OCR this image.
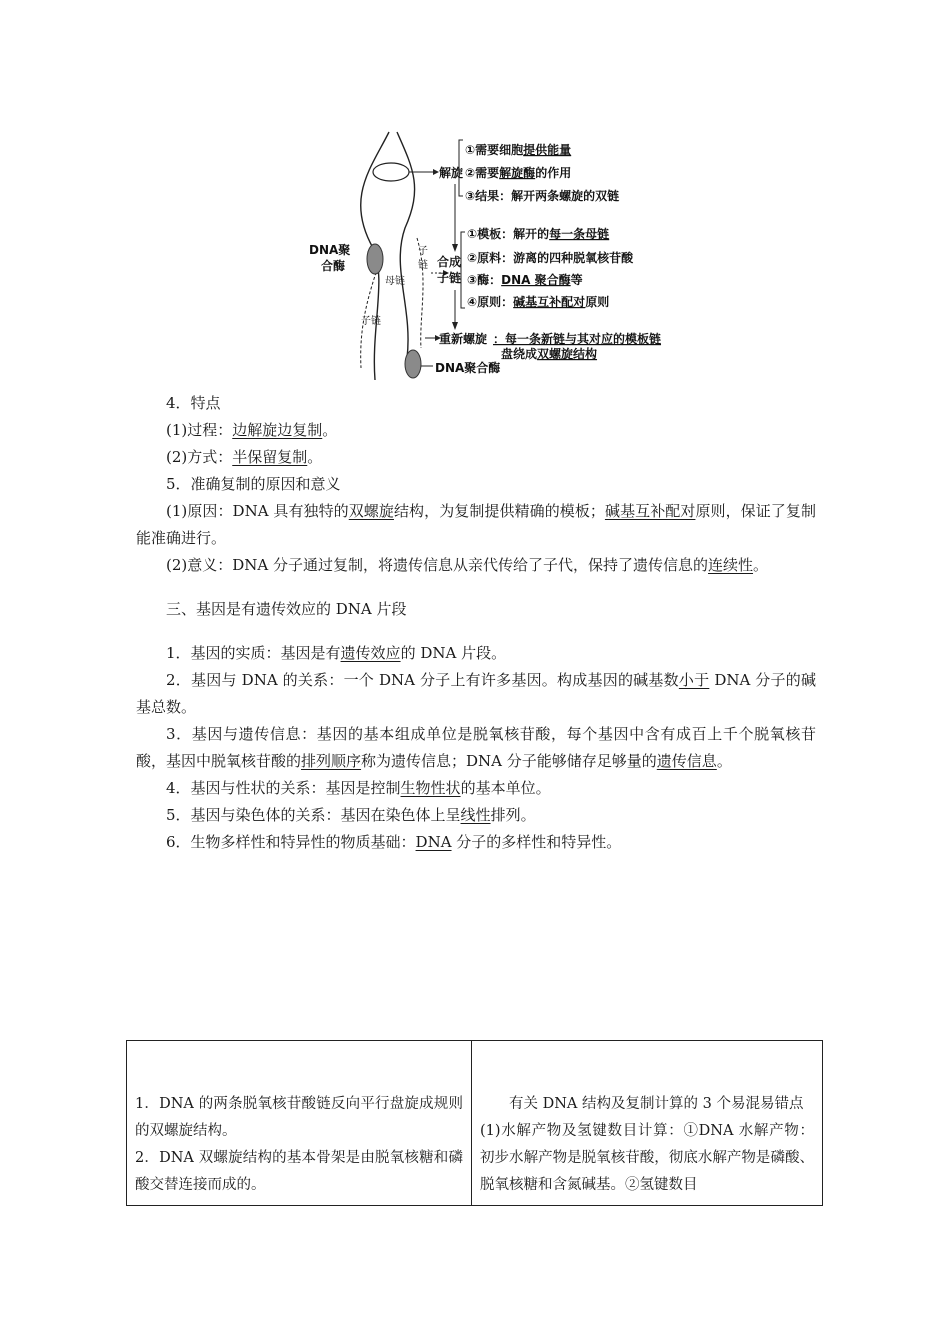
DNA聚
合酶
母链
子链
子
链
DNA聚合酶
解旋
①需要细胞提供能量
②需要解旋酶的作用
③结果：解开两条螺旋的双链
合成
子链
①模板：解开的每一条母链
②原料：游离的四种脱氧核苷酸
③酶：DNA 聚合酶等
④原则：碱基互补配对原则
重新螺旋 ：每一条新链与其对应的模板链
盘绕成双螺旋结构

4．特点

(1)过程：边解旋边复制。

(2)方式：半保留复制。

5．准确复制的原因和意义

(1)原因：DNA 具有独特的双螺旋结构，为复制提供精确的模板；碱基互补配对原则，保证了复制能准确进行。

(2)意义：DNA 分子通过复制，将遗传信息从亲代传给了子代，保持了遗传信息的连续性。

三、基因是有遗传效应的 DNA 片段

1．基因的实质：基因是有遗传效应的 DNA 片段。

2．基因与 DNA 的关系：一个 DNA 分子上有许多基因。构成基因的碱基数小于 DNA 分子的碱基总数。

3．基因与遗传信息：基因的基本组成单位是脱氧核苷酸，每个基因中含有成百上千个脱氧核苷酸，基因中脱氧核苷酸的排列顺序称为遗传信息；DNA 分子能够储存足够量的遗传信息。

4．基因与性状的关系：基因是控制生物性状的基本单位。

5．基因与染色体的关系：基因在染色体上呈线性排列。

6．生物多样性和特异性的物质基础：DNA 分子的多样性和特异性。

1．DNA 的两条脱氧核苷酸链反向平行盘旋成规则的双螺旋结构。

2．DNA 双螺旋结构的基本骨架是由脱氧核糖和磷酸交替连接而成的。

有关 DNA 结构及复制计算的 3 个易混易错点

(1)水解产物及氢键数目计算：①DNA 水解产物：初步水解产物是脱氧核苷酸，彻底水解产物是磷酸、脱氧核糖和含氮碱基。②氢键数目
